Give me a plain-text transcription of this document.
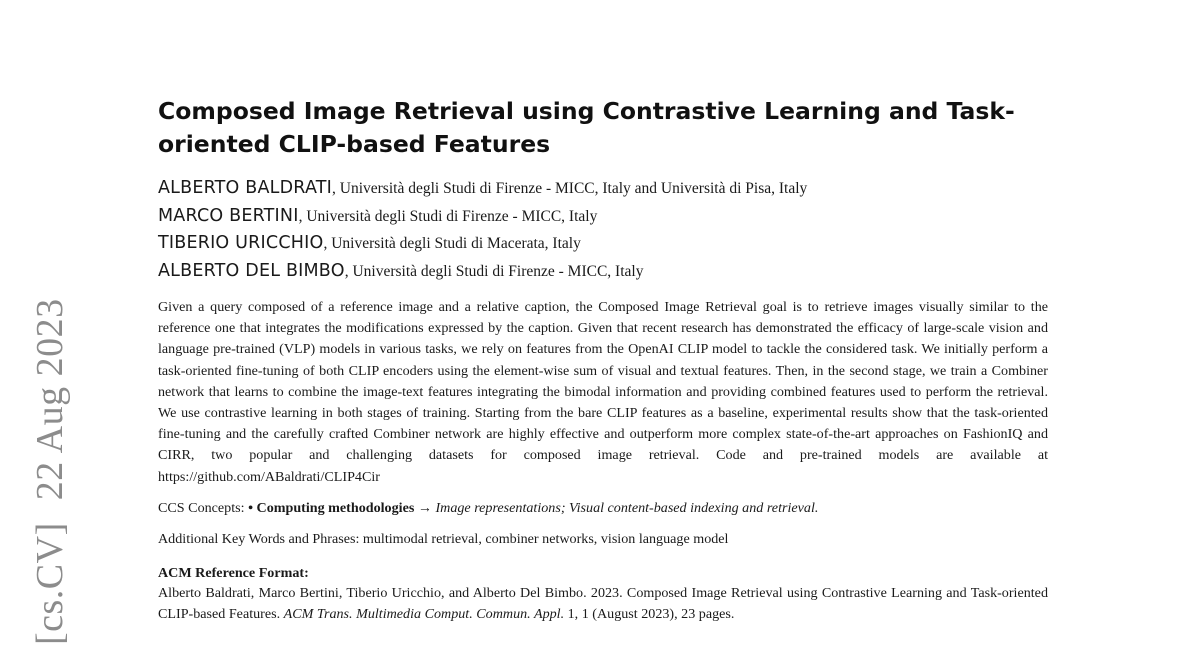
[cs.CV]22 Aug 2023
Composed Image Retrieval using Contrastive Learning and Task-oriented CLIP-based Features
ALBERTO BALDRATI, Università degli Studi di Firenze - MICC, Italy and Università di Pisa, Italy
MARCO BERTINI, Università degli Studi di Firenze - MICC, Italy
TIBERIO URICCHIO, Università degli Studi di Macerata, Italy
ALBERTO DEL BIMBO, Università degli Studi di Firenze - MICC, Italy

Given a query composed of a reference image and a relative caption, the Composed Image Retrieval goal is to retrieve images visually similar to the reference one that integrates the modifications expressed by the caption. Given that recent research has demonstrated the efficacy of large-scale vision and language pre-trained (VLP) models in various tasks, we rely on features from the OpenAI CLIP model to tackle the considered task. We initially perform a task-oriented fine-tuning of both CLIP encoders using the element-wise sum of visual and textual features. Then, in the second stage, we train a Combiner network that learns to combine the image-text features integrating the bimodal information and providing combined features used to perform the retrieval. We use contrastive learning in both stages of training. Starting from the bare CLIP features as a baseline, experimental results show that the task-oriented fine-tuning and the carefully crafted Combiner network are highly effective and outperform more complex state-of-the-art approaches on FashionIQ and CIRR, two popular and challenging datasets for composed image retrieval. Code and pre-trained models are available at https://github.com/ABaldrati/CLIP4Cir

CCS Concepts: • Computing methodologies → Image representations; Visual content-based indexing and retrieval.

Additional Key Words and Phrases: multimodal retrieval, combiner networks, vision language model

ACM Reference Format:
Alberto Baldrati, Marco Bertini, Tiberio Uricchio, and Alberto Del Bimbo. 2023. Composed Image Retrieval using Contrastive Learning and Task-oriented CLIP-based Features. ACM Trans. Multimedia Comput. Commun. Appl. 1, 1 (August 2023), 23 pages.
